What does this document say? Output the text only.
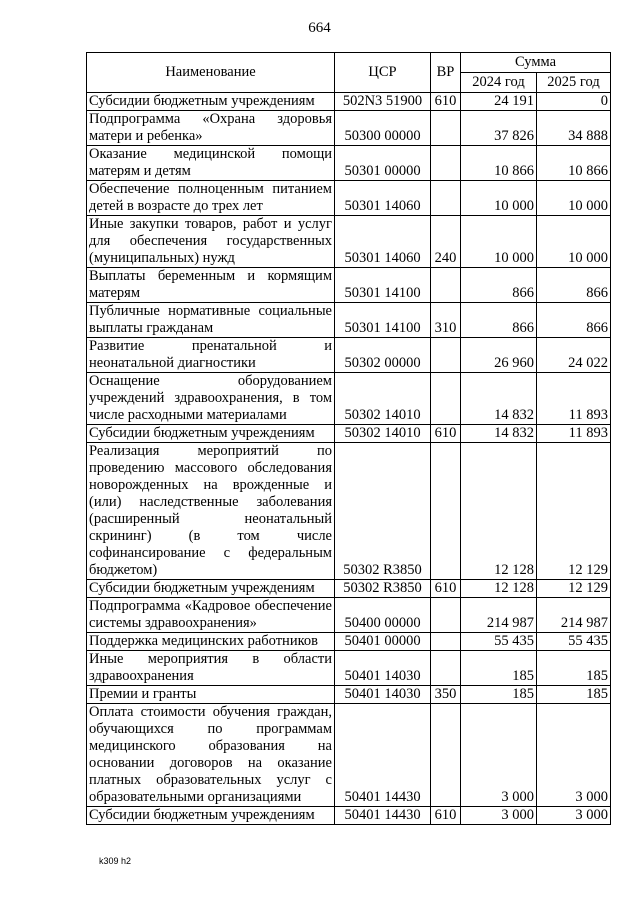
664
Наименование	ЦСР	ВР	Сумма	
			2024 год	2025 год
Субсидии бюджетным учреждениям	502N3 51900	610	24 191	0
Подпрограмма «Охрана здоровья матери и ребенка»	50300 00000		37 826	34 888
Оказание медицинской помощи матерям и детям	50301 00000		10 866	10 866
Обеспечение полноценным питанием детей в возрасте до трех лет	50301 14060		10 000	10 000
Иные закупки товаров, работ и услуг для обеспечения государственных (муниципальных) нужд	50301 14060	240	10 000	10 000
Выплаты беременным и кормящим матерям	50301 14100		866	866
Публичные нормативные социальные выплаты гражданам	50301 14100	310	866	866
Развитие пренатальной и неонатальной диагностики	50302 00000		26 960	24 022
Оснащение оборудованием учреждений здравоохранения, в том числе расходными материалами	50302 14010		14 832	11 893
Субсидии бюджетным учреждениям	50302 14010	610	14 832	11 893
Реализация мероприятий по проведению массового обследования новорожденных на врожденные и (или) наследственные заболевания (расширенный неонатальный скрининг) (в том числе софинансирование с федеральным бюджетом)	50302 R3850		12 128	12 129
Субсидии бюджетным учреждениям	50302 R3850	610	12 128	12 129
Подпрограмма «Кадровое обеспечение системы здравоохранения»	50400 00000		214 987	214 987
Поддержка медицинских работников	50401 00000		55 435	55 435
Иные мероприятия в области здравоохранения	50401 14030		185	185
Премии и гранты	50401 14030	350	185	185
Оплата стоимости обучения граждан, обучающихся по программам медицинского образования на основании договоров на оказание платных образовательных услуг с образовательными организациями	50401 14430		3 000	3 000
Субсидии бюджетным учреждениям	50401 14430	610	3 000	3 000
k309 h2
